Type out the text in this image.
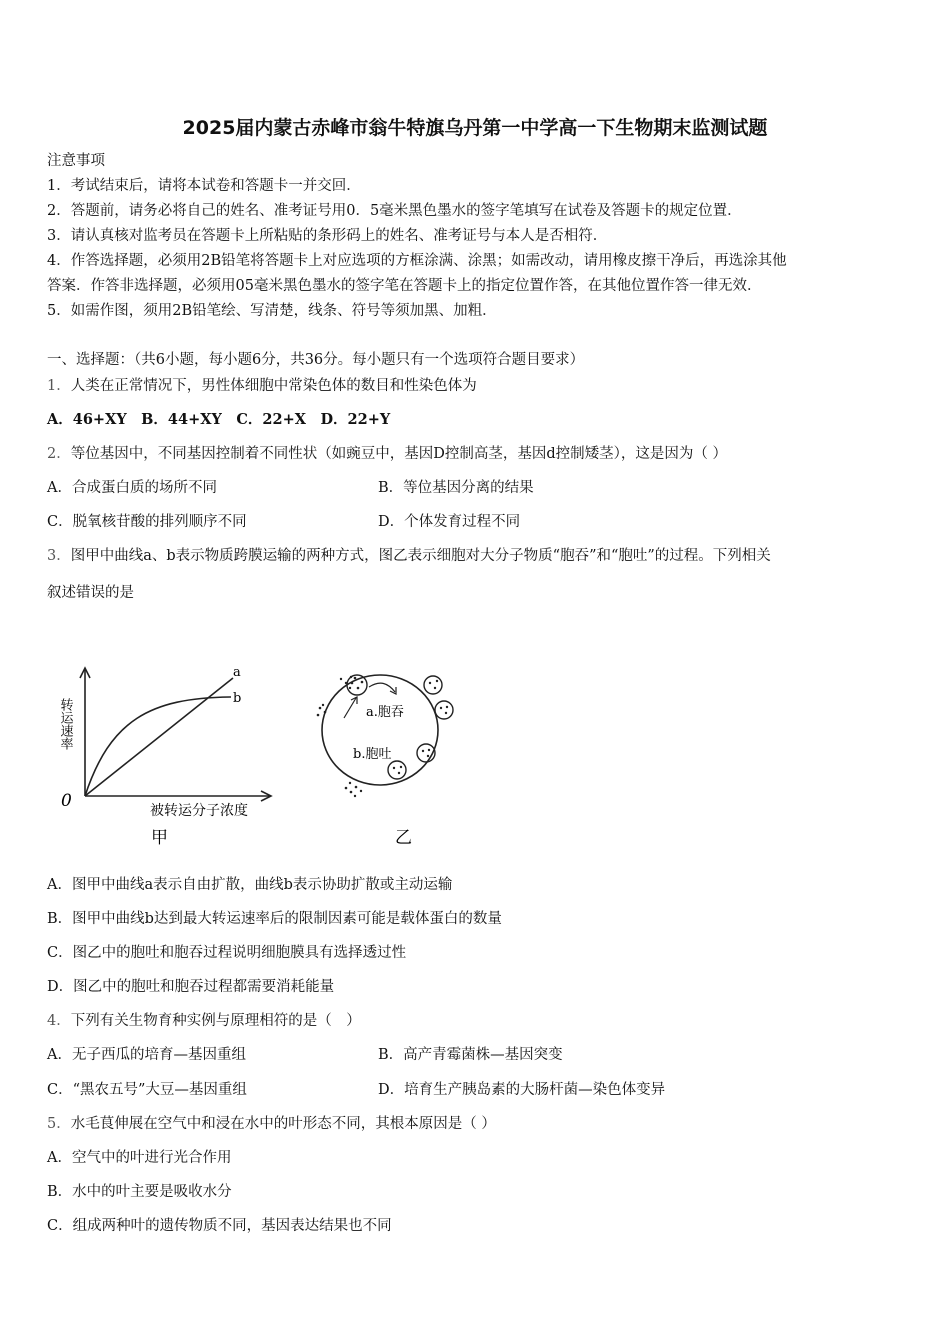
2025届内蒙古赤峰市翁牛特旗乌丹第一中学高一下生物期末监测试题
注意事项
1．考试结束后，请将本试卷和答题卡一并交回．
2．答题前，请务必将自己的姓名、准考证号用0．5毫米黑色墨水的签字笔填写在试卷及答题卡的规定位置．
3．请认真核对监考员在答题卡上所粘贴的条形码上的姓名、准考证号与本人是否相符．
4．作答选择题，必须用2B铅笔将答题卡上对应选项的方框涂满、涂黑；如需改动，请用橡皮擦干净后，再选涂其他
答案．作答非选择题，必须用05毫米黑色墨水的签字笔在答题卡上的指定位置作答，在其他位置作答一律无效．
5．如需作图，须用2B铅笔绘、写清楚，线条、符号等须加黑、加粗．
一、选择题：（共6小题，每小题6分，共36分。每小题只有一个选项符合题目要求）
1．人类在正常情况下，男性体细胞中常染色体的数目和性染色体为
A．46+XY　B．44+XY　C．22+X　D．22+Y
2．等位基因中，不同基因控制着不同性状（如豌豆中，基因D控制高茎，基因d控制矮茎），这是因为（ ）
A．合成蛋白质的场所不同	B．等位基因分离的结果
C．脱氧核苷酸的排列顺序不同	D．个体发育过程不同
3．图甲中曲线a、b表示物质跨膜运输的两种方式，图乙表示细胞对大分子物质“胞吞”和“胞吐”的过程。下列相关
叙述错误的是
转运速率
0
a
b
被转运分子浓度
甲
a.胞吞
b.胞吐
乙
A．图甲中曲线a表示自由扩散，曲线b表示协助扩散或主动运输
B．图甲中曲线b达到最大转运速率后的限制因素可能是载体蛋白的数量
C．图乙中的胞吐和胞吞过程说明细胞膜具有选择透过性
D．图乙中的胞吐和胞吞过程都需要消耗能量
4．下列有关生物育种实例与原理相符的是（　）
A．无子西瓜的培育—基因重组	B．高产青霉菌株—基因突变
C．“黑农五号”大豆—基因重组	D．培育生产胰岛素的大肠杆菌—染色体变异
5．水毛茛伸展在空气中和浸在水中的叶形态不同，其根本原因是（ ）
A．空气中的叶进行光合作用
B．水中的叶主要是吸收水分
C．组成两种叶的遗传物质不同，基因表达结果也不同
